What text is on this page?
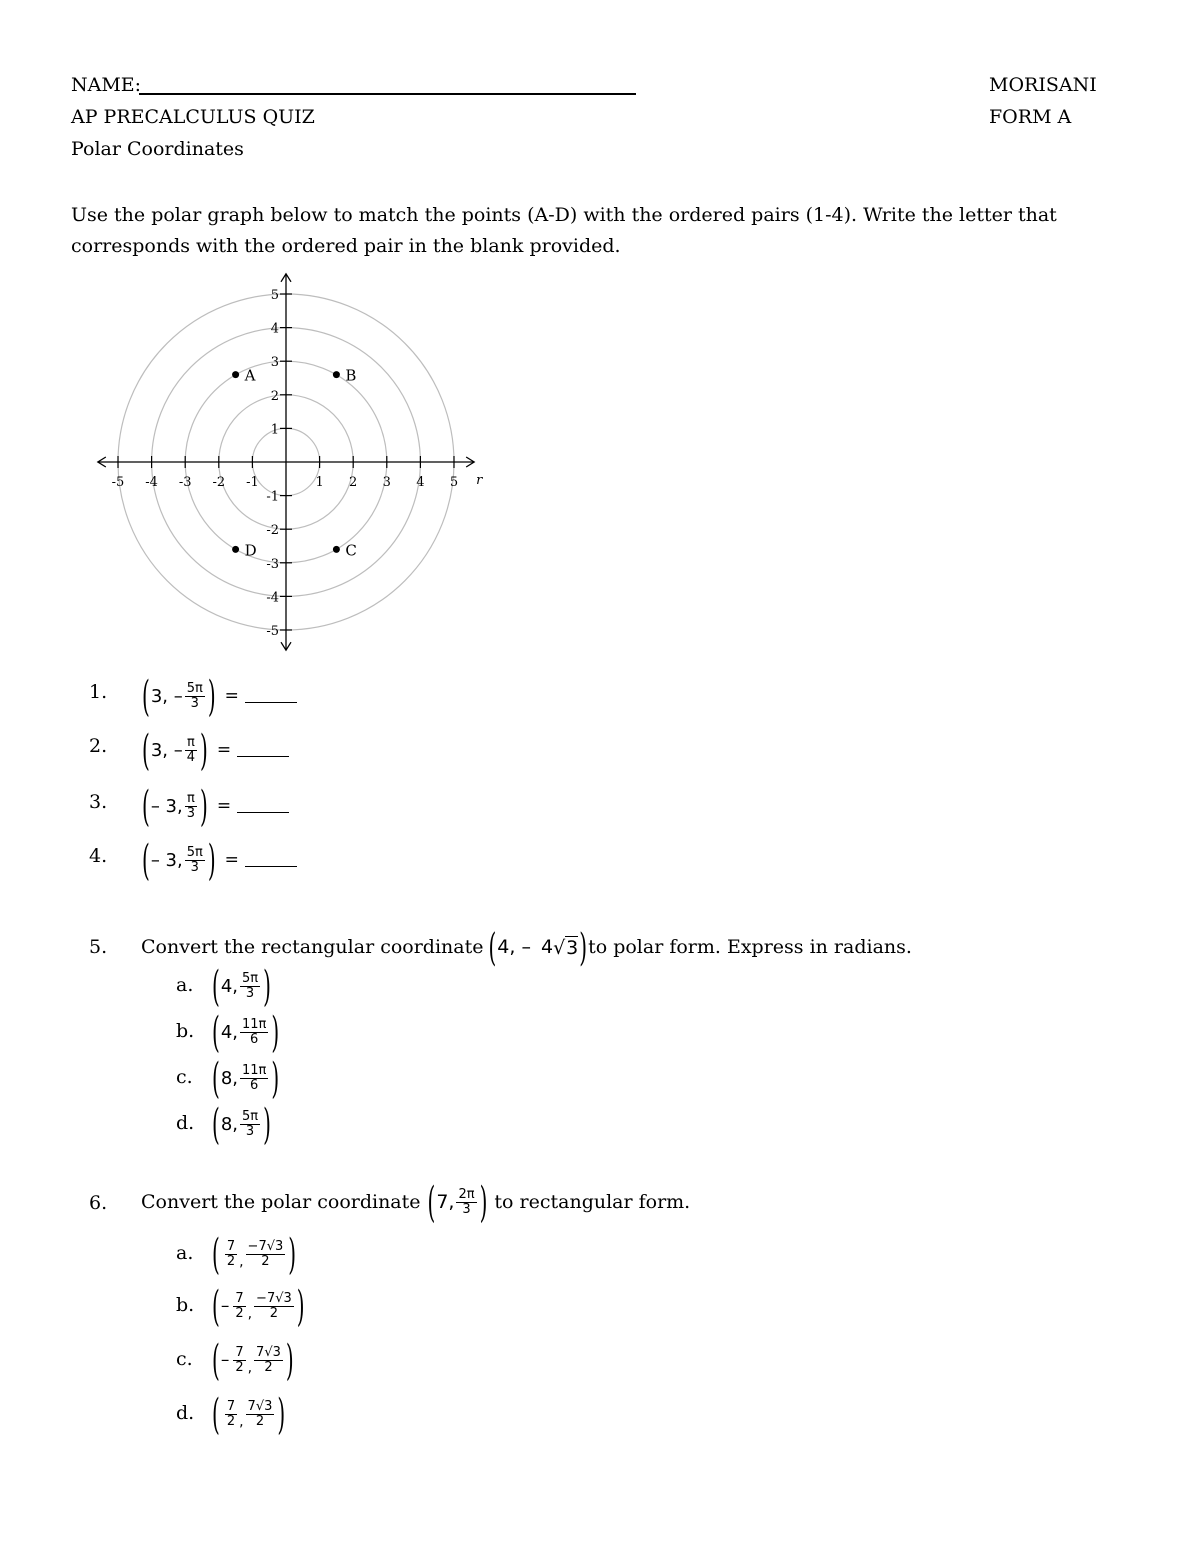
NAME:	MORISANI
AP PRECALCULUS QUIZ	FORM A
Polar Coordinates
Use the polar graph below to match the points (A-D) with the ordered pairs (1-4). Write the letter that corresponds with the ordered pair in the blank provided.
-5 -4 -3 -2 -1	1 2 3 4 5
5
4
3
2
1
-1
-2
-3
-4
-5
r
A	B
C
D
1. ( 3, – $\frac{5\pi}{3}$ ) =
2. ( 3, – $\frac{\pi}{4}$ ) =
3. ( – 3, $\frac{\pi}{3}$ ) =
4. ( – 3, $\frac{5\pi}{3}$ ) =
5. Convert the rectangular coordinate ( 4, – 4 √ 3 ) to polar form. Express in radians.
a. ( 4, $\frac{5\pi}{3}$ )
b. ( 4, $\frac{11\pi}{6}$ )
c. ( 8, $\frac{11\pi}{6}$ )
d. ( 8, $\frac{5\pi}{3}$ )
6. Convert the polar coordinate ( 7, $\frac{2\pi}{3}$ ) to rectangular form.
a. ( $\frac{7}{2}$ , $\frac{-7√3}{2}$ )
b. ( – $\frac{7}{2}$ , $\frac{-7√3}{2}$ )
c. ( – $\frac{7}{2}$ , $\frac{7√3}{2}$ )
d. ( $\frac{7}{2}$ , $\frac{7√3}{2}$ )
